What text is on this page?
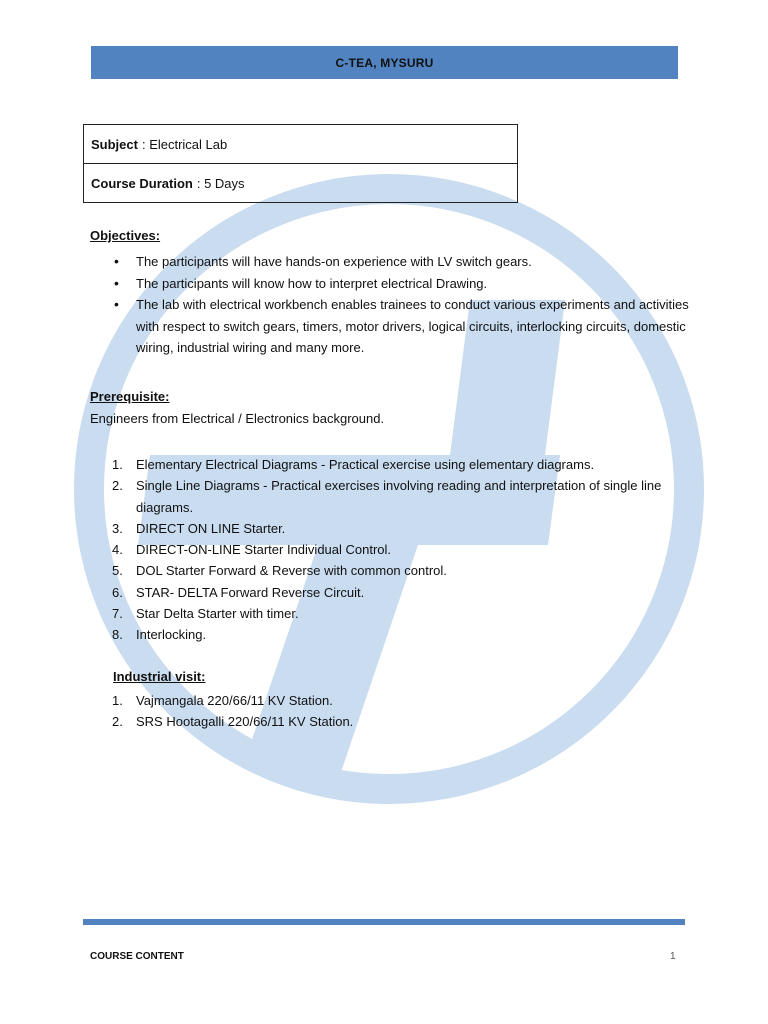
C-TEA, MYSURU
Subject : Electrical Lab
Course Duration : 5 Days
Objectives:
• The participants will have hands-on experience with LV switch gears.
• The participants will know how to interpret electrical Drawing.
• The lab with electrical workbench enables trainees to conduct various experiments and activities with respect to switch gears, timers, motor drivers, logical circuits, interlocking circuits, domestic wiring, industrial wiring and many more.
Prerequisite:
Engineers from Electrical / Electronics background.
1. Elementary Electrical Diagrams - Practical exercise using elementary diagrams.
2. Single Line Diagrams - Practical exercises involving reading and interpretation of single line diagrams.
3. DIRECT ON LINE Starter.
4. DIRECT-ON-LINE Starter Individual Control.
5. DOL Starter Forward & Reverse with common control.
6. STAR- DELTA Forward Reverse Circuit.
7. Star Delta Starter with timer.
8. Interlocking.
Industrial visit:
1. Vajmangala 220/66/11 KV Station.
2. SRS Hootagalli 220/66/11 KV Station.
COURSE CONTENT	1
